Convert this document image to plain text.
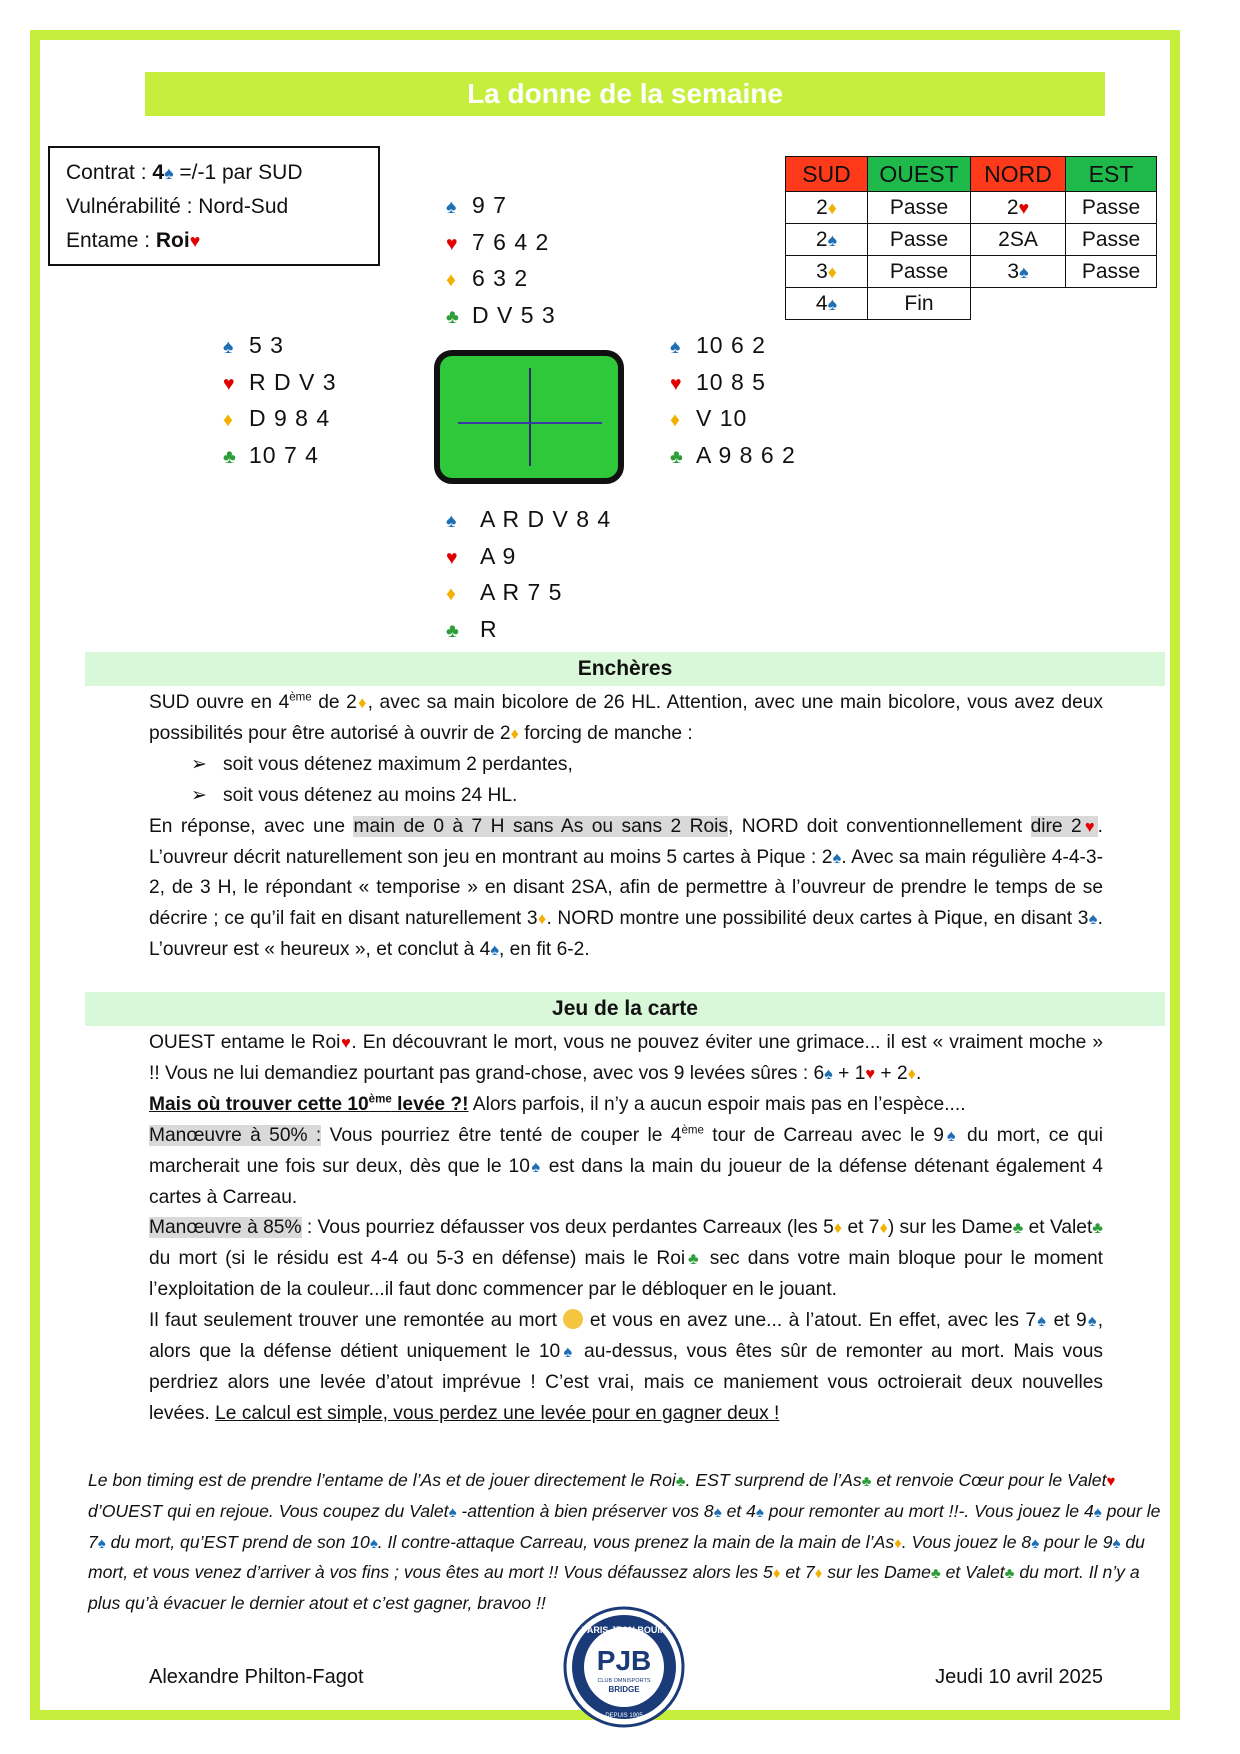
La donne de la semaine
Contrat : 4♠ =/-1 par SUD
Vulnérabilité : Nord-Sud
Entame : Roi♥
♠ 9 7
♥ 7 6 4 2
♦ 6 3 2
♣ D V 5 3
♠ 5 3
♥ R D V 3
♦ D 9 8 4
♣ 10 7 4
♠ 10 6 2
♥ 10 8 5
♦ V 10
♣ A 9 8 6 2
♠ A R D V 8 4
♥ A 9
♦ A R 7 5
♣ R
SUD	OUEST	NORD	EST
2♦	Passe	2♥	Passe
2♠	Passe	2SA	Passe
3♦	Passe	3♠	Passe
4♠	Fin		
Enchères

SUD ouvre en 4ème de 2♦, avec sa main bicolore de 26 HL. Attention, avec une main bicolore, vous avez deux possibilités pour être autorisé à ouvrir de 2♦ forcing de manche :

➢ soit vous détenez maximum 2 perdantes,
➢ soit vous détenez au moins 24 HL.

En réponse, avec une main de 0 à 7 H sans As ou sans 2 Rois, NORD doit conventionnellement dire 2♥. L’ouvreur décrit naturellement son jeu en montrant au moins 5 cartes à Pique : 2♠. Avec sa main régulière 4-4-3-2, de 3 H, le répondant « temporise » en disant 2SA, afin de permettre à l’ouvreur de prendre le temps de se décrire ; ce qu’il fait en disant naturellement 3♦. NORD montre une possibilité deux cartes à Pique, en disant 3♠. L’ouvreur est « heureux », et conclut à 4♠, en fit 6-2.

Jeu de la carte

OUEST entame le Roi♥. En découvrant le mort, vous ne pouvez éviter une grimace... il est « vraiment moche » !! Vous ne lui demandiez pourtant pas grand-chose, avec vos 9 levées sûres : 6♠ + 1♥ + 2♦.

Mais où trouver cette 10ème levée ?! Alors parfois, il n’y a aucun espoir mais pas en l’espèce....

Manœuvre à 50% : Vous pourriez être tenté de couper le 4ème tour de Carreau avec le 9♠ du mort, ce qui marcherait une fois sur deux, dès que le 10♠ est dans la main du joueur de la défense détenant également 4 cartes à Carreau.

Manœuvre à 85% : Vous pourriez défausser vos deux perdantes Carreaux (les 5♦ et 7♦) sur les Dame♣ et Valet♣ du mort (si le résidu est 4-4 ou 5-3 en défense) mais le Roi♣ sec dans votre main bloque pour le moment l’exploitation de la couleur...il faut donc commencer par le débloquer en le jouant.

Il faut seulement trouver une remontée au mort  et vous en avez une... à l’atout. En effet, avec les 7♠ et 9♠, alors que la défense détient uniquement le 10♠ au-dessus, vous êtes sûr de remonter au mort. Mais vous perdriez alors une levée d’atout imprévue ! C’est vrai, mais ce maniement vous octroierait deux nouvelles levées. Le calcul est simple, vous perdez une levée pour en gagner deux !

Le bon timing est de prendre l’entame de l’As et de jouer directement le Roi♣. EST surprend de l’As♣ et renvoie Cœur pour le Valet♥ d’OUEST qui en rejoue. Vous coupez du Valet♠ -attention à bien préserver vos 8♠ et 4♠ pour remonter au mort !!-. Vous jouez le 4♠ pour le 7♠ du mort, qu’EST prend de son 10♠. Il contre-attaque Carreau, vous prenez la main de la main de l’As♦. Vous jouez le 8♠ pour le 9♠ du mort, et vous venez d’arriver à vos fins ; vous êtes au mort !! Vous défaussez alors les 5♦ et 7♦ sur les Dame♣ et Valet♣ du mort. Il n’y a plus qu’à évacuer le dernier atout et c’est gagner, bravoo !!
Alexandre Philton-Fagot
PARIS JEAN BOUIN
PJB
CLUB OMNISPORTS
BRIDGE
DEPUIS 1905
Jeudi 10 avril 2025
